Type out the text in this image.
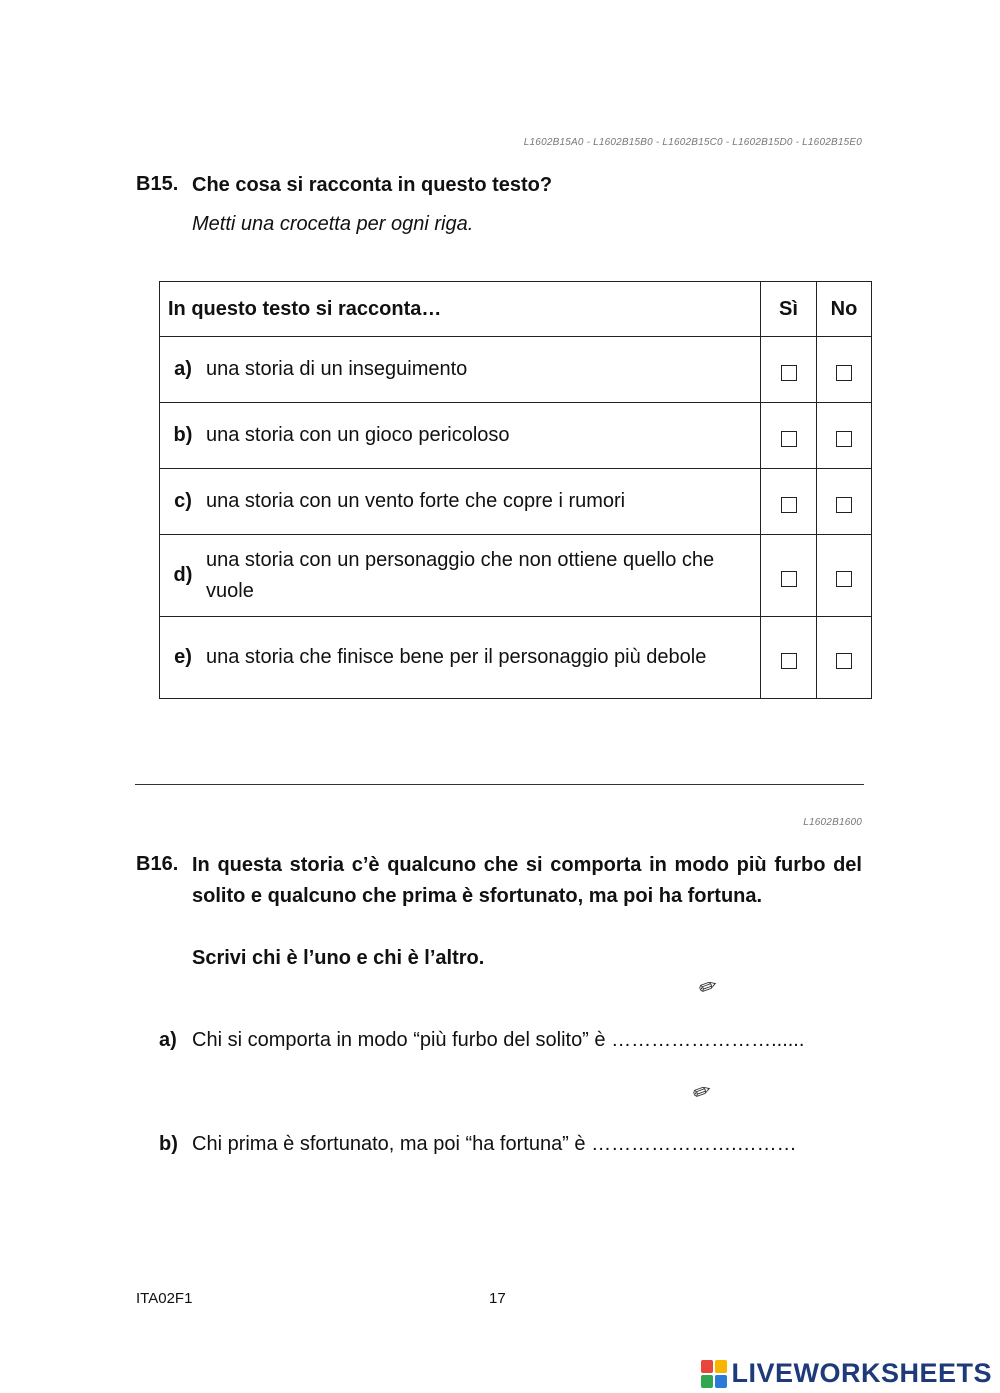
L1602B15A0 - L1602B15B0 - L1602B15C0 - L1602B15D0 - L1602B15E0
B15. Che cosa si racconta in questo testo?
Metti una crocetta per ogni riga.
In questo testo si racconta…	Sì	No

a) una storia di un inseguimento		

b) una storia con un gioco pericoloso		

c) una storia con un vento forte che copre i rumori		

d)
una storia con un personaggio che non ottiene quello che vuole		

e) una storia che finisce bene per il personaggio più debole		

L1602B1600
B16. In questa storia c’è qualcuno che si comporta in modo più furbo del solito e qualcuno che prima è sfortunato, ma poi ha fortuna.
Scrivi chi è l’uno e chi è l’altro.
✏
a) Chi si comporta in modo “più furbo del solito” è ……………………......
✏
b) Chi prima è sfortunato, ma poi “ha fortuna” è ………………….………
ITA02F1	17
LIVEWORKSHEETS
